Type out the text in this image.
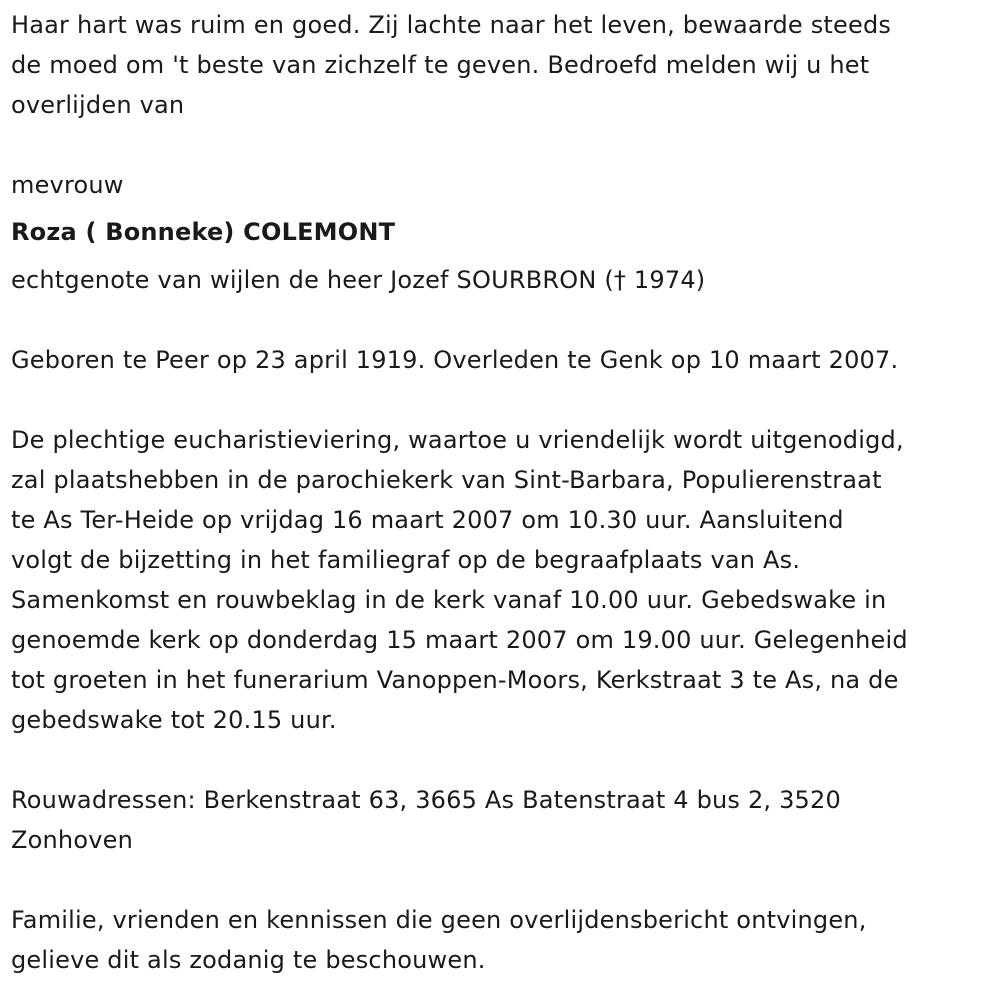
Haar hart was ruim en goed. Zij lachte naar het leven, bewaarde steeds
de moed om 't beste van zichzelf te geven. Bedroefd melden wij u het
overlijden van

mevrouw

Roza ( Bonneke) COLEMONT

echtgenote van wijlen de heer Jozef SOURBRON († 1974)

Geboren te Peer op 23 april 1919. Overleden te Genk op 10 maart 2007.

De plechtige eucharistieviering, waartoe u vriendelijk wordt uitgenodigd,
zal plaatshebben in de parochiekerk van Sint-Barbara, Populierenstraat
te As Ter-Heide op vrijdag 16 maart 2007 om 10.30 uur. Aansluitend
volgt de bijzetting in het familiegraf op de begraafplaats van As.
Samenkomst en rouwbeklag in de kerk vanaf 10.00 uur. Gebedswake in
genoemde kerk op donderdag 15 maart 2007 om 19.00 uur. Gelegenheid
tot groeten in het funerarium Vanoppen-Moors, Kerkstraat 3 te As, na de
gebedswake tot 20.15 uur.

Rouwadressen: Berkenstraat 63, 3665 As Batenstraat 4 bus 2, 3520
Zonhoven

Familie, vrienden en kennissen die geen overlijdensbericht ontvingen,
gelieve dit als zodanig te beschouwen.
